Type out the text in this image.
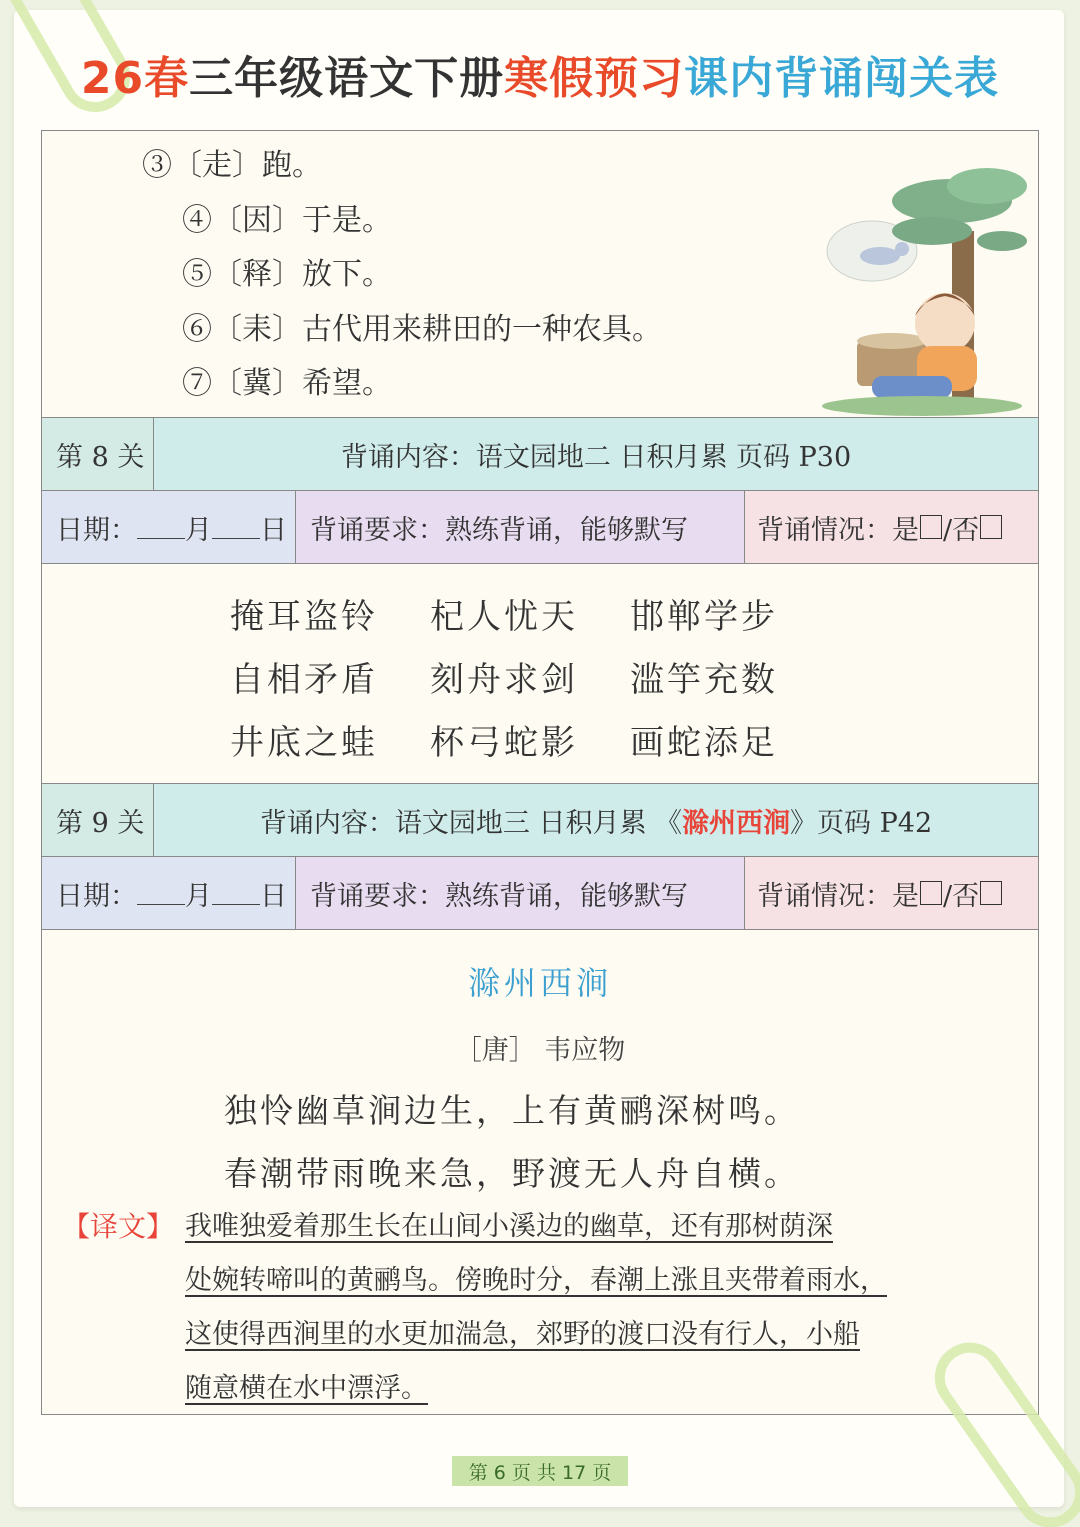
26春三年级语文下册寒假预习课内背诵闯关表
③〔走〕跑。
④〔因〕于是。
⑤〔释〕放下。
⑥〔耒〕古代用来耕田的一种农具。
⑦〔冀〕希望。
第 8 关	背诵内容：语文园地二 日积月累 页码 P30
日期： 月 日 背诵要求：熟练背诵，能够默写	背诵情况：是 /否
掩耳盗铃	杞人忧天	邯郸学步
自相矛盾	刻舟求剑	滥竽充数
井底之蛙	杯弓蛇影	画蛇添足
第 9 关	背诵内容：语文园地三 日积月累 《 滁州西涧 》页码 P42
日期： 月 日 背诵要求：熟练背诵，能够默写	背诵情况：是 /否
滁州西涧
［唐］ 韦应物
独怜幽草涧边生，上有黄鹂深树鸣。
春潮带雨晚来急，野渡无人舟自横。
【译文】 我唯独爱着那生长在山间小溪边的幽草，还有那树荫深
处婉转啼叫的黄鹂鸟。傍晚时分，春潮上涨且夹带着雨水，
这使得西涧里的水更加湍急，郊野的渡口没有行人，小船
随意横在水中漂浮。
第 6 页 共 17 页
